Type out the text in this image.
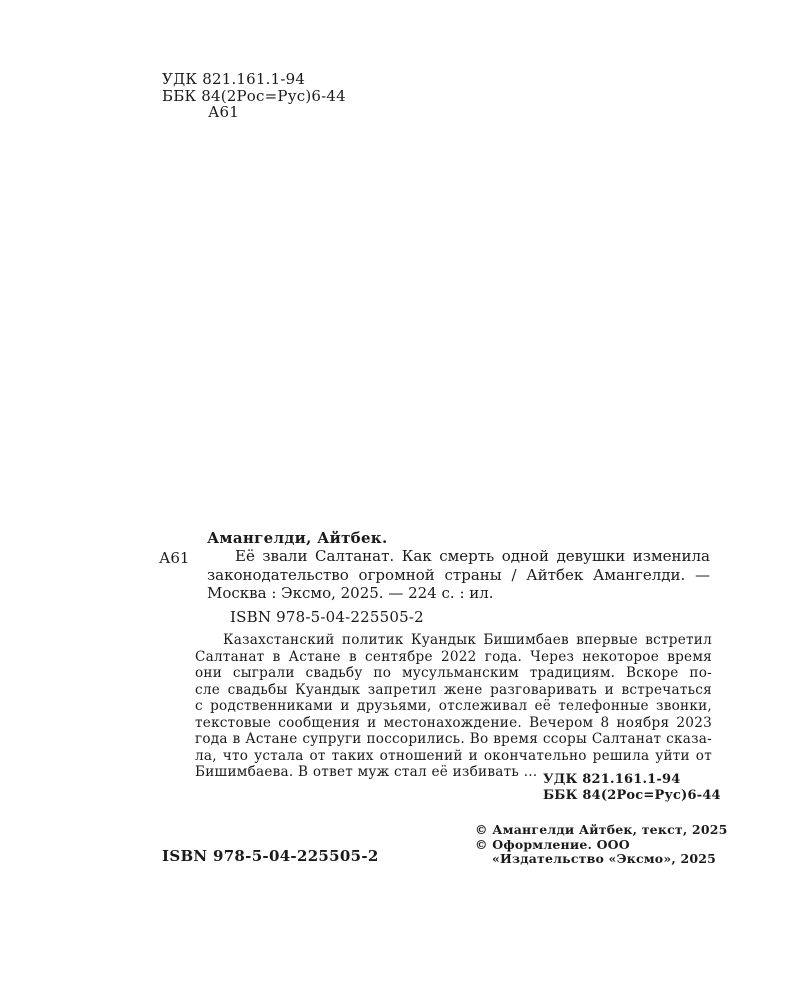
УДК 821.161.1-94
ББК 84(2Рос=Рус)6-44
А61
Амангелди, Айтбек.
А61	Её звали Салтанат. Как смерть одной девушки изменила
законодательство огромной страны / Айтбек Амангелди. —
Москва : Эксмо, 2025. — 224 с. : ил.
ISBN 978-5-04-225505-2
Казахстанский политик Куандык Бишимбаев впервые встретил
Салтанат в Астане в сентябре 2022 года. Через некоторое время
они сыграли свадьбу по мусульманским традициям. Вскоре по-
сле свадьбы Куандык запретил жене разговаривать и встречаться
с родственниками и друзьями, отслеживал её телефонные звонки,
текстовые сообщения и местонахождение. Вечером 8 ноября 2023
года в Астане супруги поссорились. Во время ссоры Салтанат сказа-
ла, что устала от таких отношений и окончательно решила уйти от
Бишимбаева. В ответ муж стал её избивать … УДК 821.161.1-94
ББК 84(2Рос=Рус)6-44
© Амангелди Айтбек, текст, 2025
© Оформление. ООО
«Издательство «Эксмо», 2025
ISBN 978-5-04-225505-2
